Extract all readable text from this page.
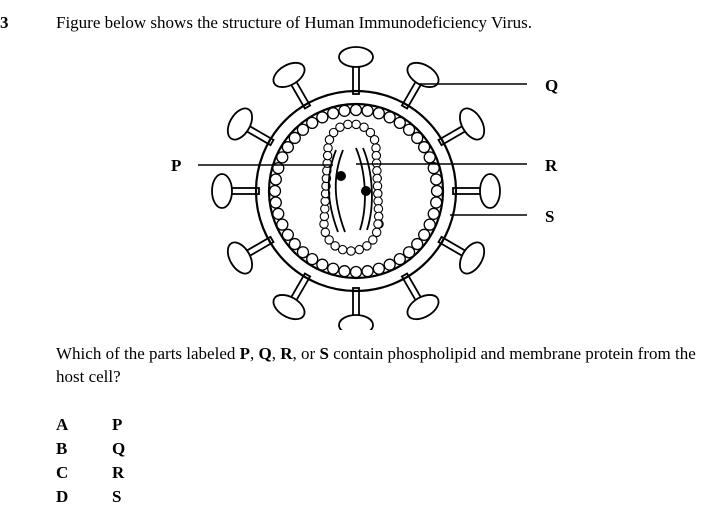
3	Figure below shows the structure of Human Immunodeficiency Virus.
P
Q
R
S
Which of the parts labeled P, Q, R, or S contain phospholipid and membrane protein from the host cell?
A	P
B	Q
C	R
D	S
